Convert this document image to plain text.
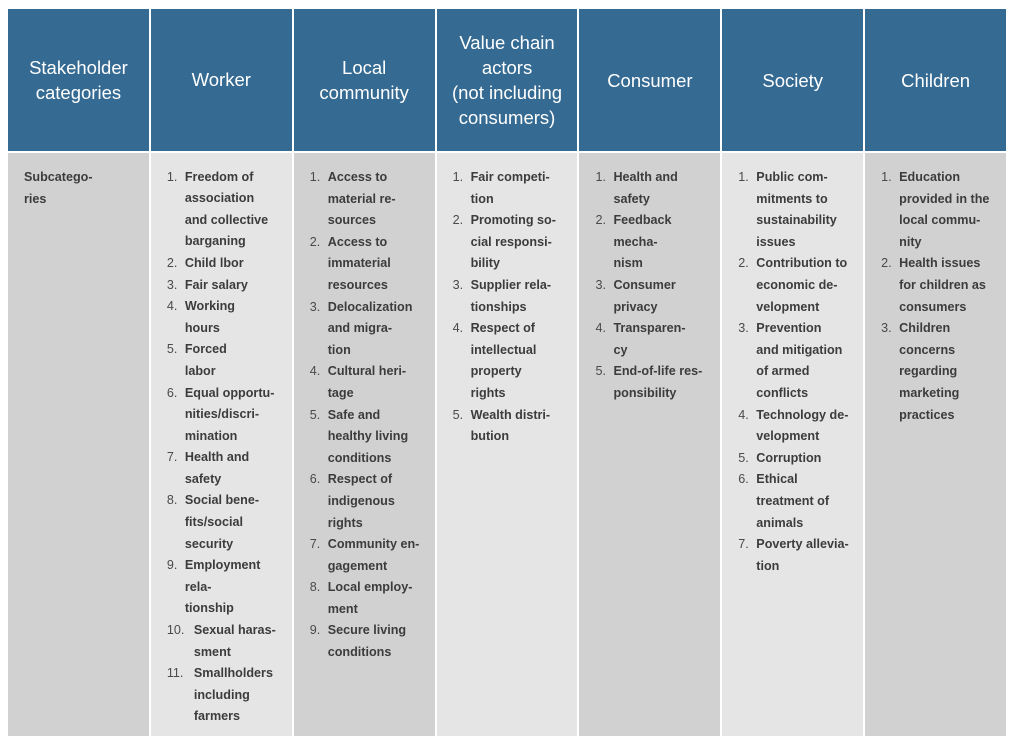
Stakeholder
categories
Subcatego-
ries
Worker
1. Freedom of
association
and collective
barganing
2. Child lbor
3. Fair salary
4. Working
hours
5. Forced
labor
6. Equal opportu-
nities/discri-
mination
7. Health and
safety
8. Social bene-
fits/social
security
9. Employment
rela-
tionship
10. Sexual haras-
sment
11. Smallholders
including
farmers
Local community
1. Access to
material re-
sources
2. Access to
immaterial
resources
3. Delocalization
and migra-
tion
4. Cultural heri-
tage
5. Safe and
healthy living
conditions
6. Respect of
indigenous
rights
7. Community en-
gagement
8. Local employ-
ment
9. Secure living
conditions
Value chain
actors
(not including
consumers)
1. Fair competi-
tion
2. Promoting so-
cial responsi-
bility
3. Supplier rela-
tionships
4. Respect of
intellectual
property
rights
5. Wealth distri-
bution
Consumer
1. Health and
safety
2. Feedback
mecha-
nism
3. Consumer
privacy
4. Transparen-
cy
5. End-of-life res-
ponsibility
Society
1. Public com-
mitments to
sustainability
issues
2. Contribution to
economic de-
velopment
3. Prevention
and mitigation
of armed
conflicts
4. Technology de-
velopment
5. Corruption
6. Ethical
treatment of
animals
7. Poverty allevia-
tion
Children
1. Education
provided in the
local commu-
nity
2. Health issues
for children as
consumers
3. Children
concerns
regarding
marketing
practices
